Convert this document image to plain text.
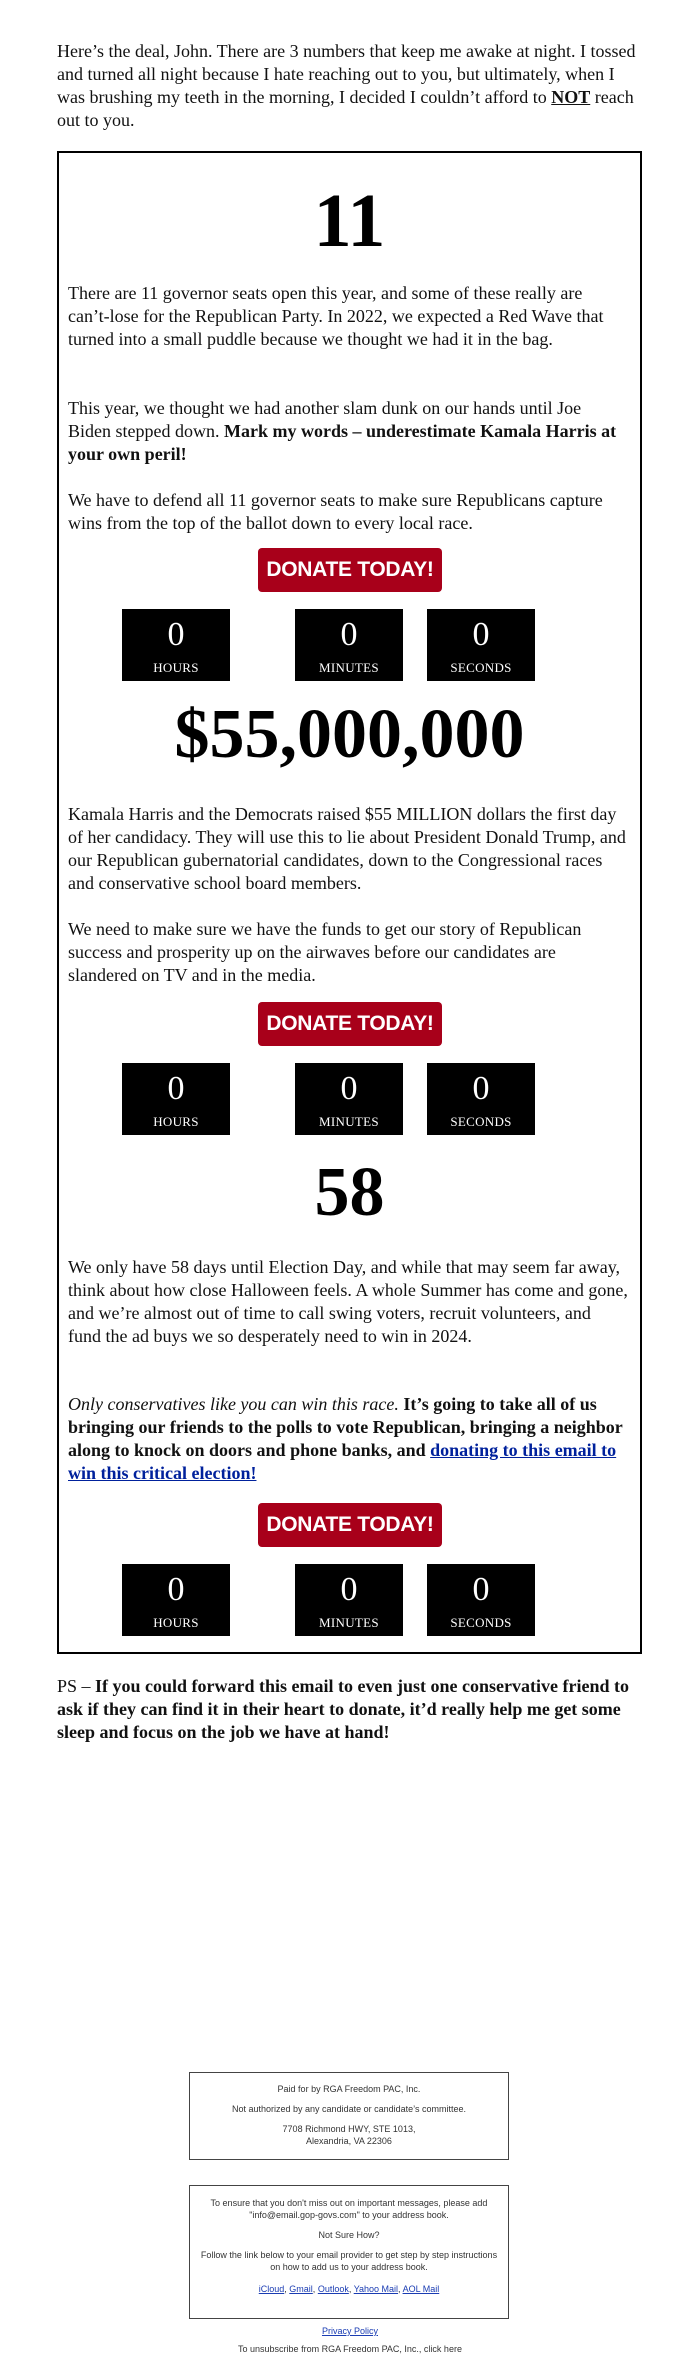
Here’s the deal, John. There are 3 numbers that keep me awake at night. I tossed and turned all night because I hate reaching out to you, but ultimately, when I was brushing my teeth in the morning, I decided I couldn’t afford to NOT reach out to you.
11

There are 11 governor seats open this year, and some of these really are can’t-lose for the Republican Party. In 2022, we expected a Red Wave that turned into a small puddle because we thought we had it in the bag.

This year, we thought we had another slam dunk on our hands until Joe Biden stepped down. Mark my words – underestimate Kamala Harris at your own peril!

We have to defend all 11 governor seats to make sure Republicans capture wins from the top of the ballot down to every local race.

DONATE TODAY!
0
HOURS
0
MINUTES
0
SECONDS
$55,000,000

Kamala Harris and the Democrats raised $55 MILLION dollars the first day of her candidacy. They will use this to lie about President Donald Trump, and our Republican gubernatorial candidates, down to the Congressional races and conservative school board members.

We need to make sure we have the funds to get our story of Republican success and prosperity up on the airwaves before our candidates are slandered on TV and in the media.

DONATE TODAY!
0
HOURS
0
MINUTES
0
SECONDS
58

We only have 58 days until Election Day, and while that may seem far away, think about how close Halloween feels. A whole Summer has come and gone, and we’re almost out of time to call swing voters, recruit volunteers, and fund the ad buys we so desperately need to win in 2024.

Only conservatives like you can win this race. It’s going to take all of us bringing our friends to the polls to vote Republican, bringing a neighbor along to knock on doors and phone banks, and donating to this email to win this critical election!

DONATE TODAY!
0
HOURS
0
MINUTES
0
SECONDS
PS – If you could forward this email to even just one conservative friend to ask if they can find it in their heart to donate, it’d really help me get some sleep and focus on the job we have at hand!

Paid for by RGA Freedom PAC, Inc.

Not authorized by any candidate or candidate’s committee.

7708 Richmond HWY, STE 1013,

Alexandria, VA 22306

To ensure that you don't miss out on important messages, please add "info@email.gop-govs.com" to your address book.

Not Sure How?

Follow the link below to your email provider to get step by step instructions on how to add us to your address book.

iCloud, Gmail, Outlook, Yahoo Mail, AOL Mail

Privacy Policy
To unsubscribe from RGA Freedom PAC, Inc., click here
